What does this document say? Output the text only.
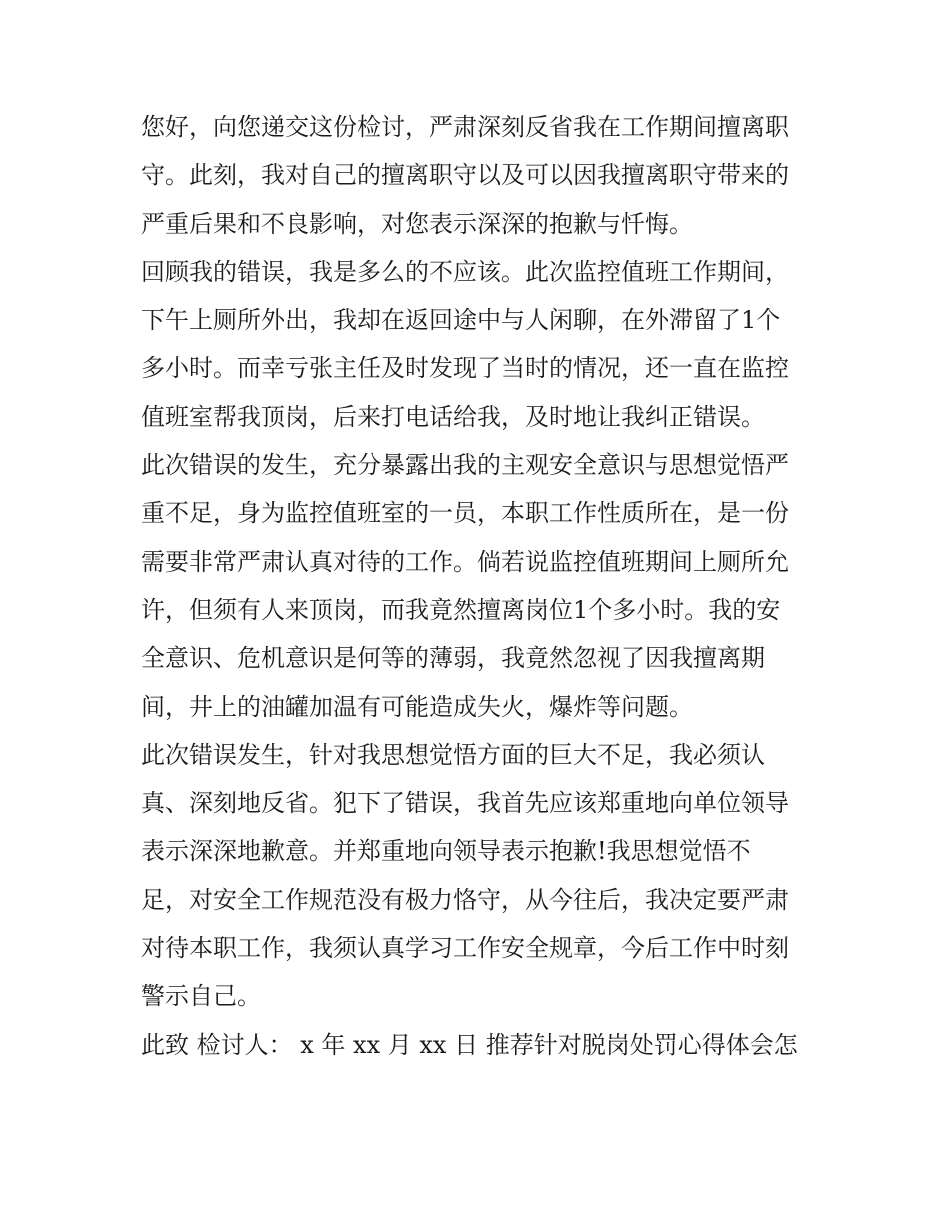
您好，向您递交这份检讨，严肃深刻反省我在工作期间擅离职
守。此刻，我对自己的擅离职守以及可以因我擅离职守带来的
严重后果和不良影响，对您表示深深的抱歉与忏悔。
回顾我的错误，我是多么的不应该。此次监控值班工作期间，
下午上厕所外出，我却在返回途中与人闲聊，在外滞留了1个
多小时。而幸亏张主任及时发现了当时的情况，还一直在监控
值班室帮我顶岗，后来打电话给我，及时地让我纠正错误。
此次错误的发生，充分暴露出我的主观安全意识与思想觉悟严
重不足，身为监控值班室的一员，本职工作性质所在，是一份
需要非常严肃认真对待的工作。倘若说监控值班期间上厕所允
许，但须有人来顶岗，而我竟然擅离岗位1个多小时。我的安
全意识、危机意识是何等的薄弱，我竟然忽视了因我擅离期
间，井上的油罐加温有可能造成失火，爆炸等问题。
此次错误发生，针对我思想觉悟方面的巨大不足，我必须认
真、深刻地反省。犯下了错误，我首先应该郑重地向单位领导
表示深深地歉意。并郑重地向领导表示抱歉!我思想觉悟不
足，对安全工作规范没有极力恪守，从今往后，我决定要严肃
对待本职工作，我须认真学习工作安全规章，今后工作中时刻
警示自己。
此致 检讨人： x 年 xx 月 xx 日 推荐针对脱岗处罚心得体会怎
